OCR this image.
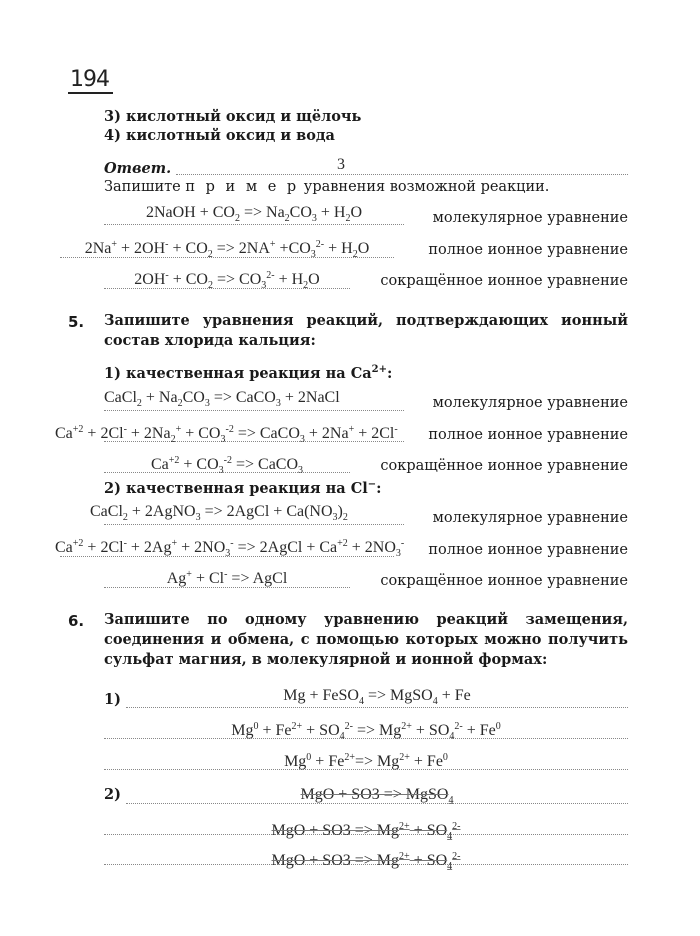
194
3) кислотный оксид и щёлочь
4) кислотный оксид и вода
Ответ.	3
Запишите п р и м е р уравнения возможной реакции.
2NaOH + $CO_2 => Na_2CO_3 + H_2O$	молекулярное уравнение
$2Na^+ + 2OH^- + CO_2 => 2NA^+ +CO_3^{2-} + H_2O$	полное ионное уравнение
$2OH^- + CO_2 => CO_3^{2-} + H_2O$	сокращённое ионное уравнение
5. Запишите уравнения реакций, подтверждающих ионный состав хлорида кальция:
1) качественная реакция на $Ca^{2+}$:
CaCl$_2$ + $Na_2CO_3$ => CaCO$_3$ + 2NaCl	молекулярное уравнение
$Ca^{+2} + 2Cl^- + 2Na_2^+ + CO_3^{-2}$ => CaCO$_3$ + 2Na+ + 2Cl- полное ионное уравнение
$Ca^{+2} + CO_3^{-2}$ => CaCO$_3$	сокращённое ионное уравнение
2) качественная реакция на Cl−:
CaCl$_2$ + 2AgNO$_3$ => 2AgCl + $Ca(NO_3)_2$	молекулярное уравнение
$Ca^{+2} + 2Cl^- + 2Ag^+ + 2NO_3^-$ => 2AgCl + $Ca^{+2} + 2NO_3^-$ полное ионное уравнение
Ag+ + Cl- => AgCl	сокращённое ионное уравнение
6. Запишите по одному уравнению реакций замещения, соединения и обмена, с помощью которых можно получить сульфат магния, в молекулярной и ионной формах:
1)	Mg + FeSO$_4$ => MgSO$_4$ + Fe
$Mg^0 + Fe^{2+} + SO_4^{2-} => Mg^{2+} + SO_4^{2-} + Fe^0$
$Mg^0 + Fe^{2+}=> Mg^{2+} + Fe^0$
2)	MgO + SO3 => MgSO$_4$
MgO + $SO3 => Mg^{2+} + SO_4^{2-}$
MgO + $SO3 => Mg^{2+} + SO_4^{2-}$
